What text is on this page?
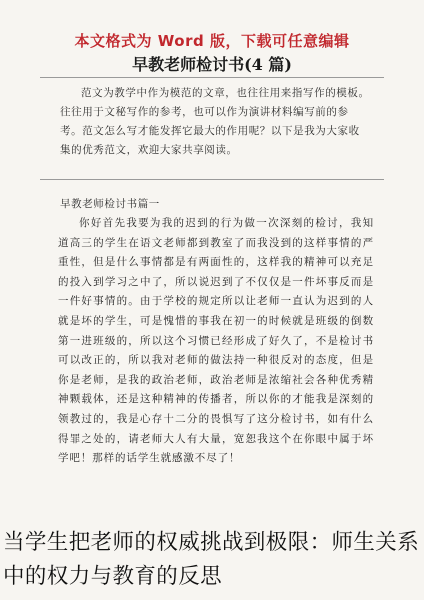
本文格式为 Word 版，下载可任意编辑
早教老师检讨书(4 篇)

范文为教学中作为模范的文章，也往往用来指写作的模板。往往用于文秘写作的参考，也可以作为演讲材料编写前的参考。范文怎么写才能发挥它最大的作用呢？以下是我为大家收集的优秀范文，欢迎大家共享阅读。

早教老师检讨书篇一

你好首先我要为我的迟到的行为做一次深刻的检讨，我知道高三的学生在语文老师都到教室了而我没到的这样事情的严重性，但是什么事情都是有两面性的，这样我的精神可以充足的投入到学习之中了，所以说迟到了不仅仅是一件坏事反而是一件好事情的。由于学校的规定所以让老师一直认为迟到的人就是坏的学生，可是愧惜的事我在初一的时候就是班级的倒数第一进班级的，所以这个习惯已经形成了好久了，不是检讨书可以改正的，所以我对老师的做法持一种很反对的态度，但是你是老师，是我的政治老师，政治老师是浓缩社会各种优秀精神颗载体，还是这种精神的传播者，所以你的才能我是深刻的领教过的，我是心存十二分的畏惧写了这分检讨书，如有什么得罪之处的，请老师大人有大量，宽恕我这个在你眼中属于坏学吧！那样的话学生就感激不尽了！

当学生把老师的权威挑战到极限：师生关系中的权力与教育的反思
